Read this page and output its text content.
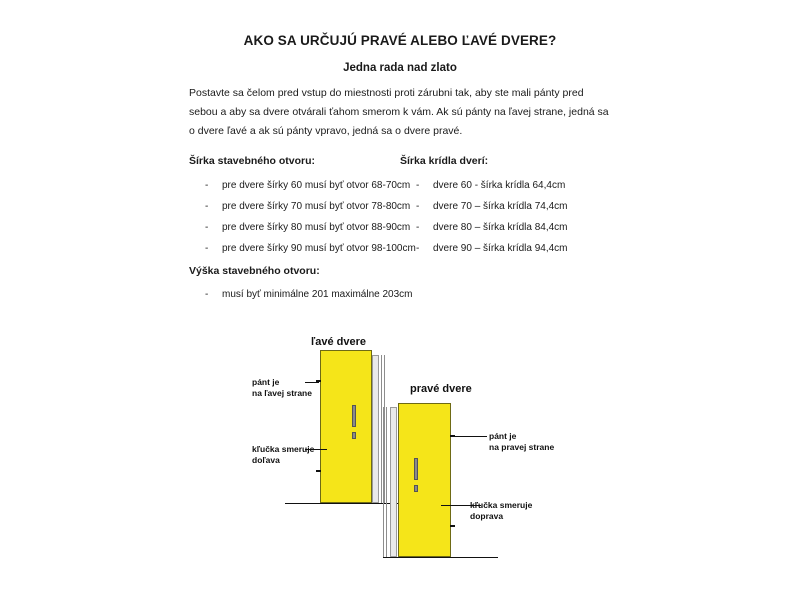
AKO SA URČUJÚ PRAVÉ ALEBO ĽAVÉ DVERE?
Jedna rada nad zlato
Postavte sa čelom pred vstup do miestnosti proti zárubni tak, aby ste mali pánty pred sebou a aby sa dvere otvárali ťahom smerom k vám. Ak sú pánty na ľavej strane, jedná sa o dvere ľavé a ak sú pánty vpravo, jedná sa o dvere pravé.
Šírka stavebného otvoru:
- pre dvere šírky 60 musí byť otvor 68-70cm
- pre dvere šírky 70 musí byť otvor 78-80cm
- pre dvere šírky 80 musí byť otvor 88-90cm
- pre dvere šírky 90 musí byť otvor 98-100cm
Šírka krídla dverí:
- dvere 60 - šírka krídla 64,4cm
- dvere 70 – šírka krídla 74,4cm
- dvere 80 – šírka krídla 84,4cm
- dvere 90 – šírka krídla 94,4cm
Výška stavebného otvoru:
- musí byť minimálne 201 maximálne 203cm
ľavé dvere
pravé dvere
pánt je
na ľavej strane
kľučka smeruje
doľava
pánt je
na pravej strane
kľučka smeruje
doprava
